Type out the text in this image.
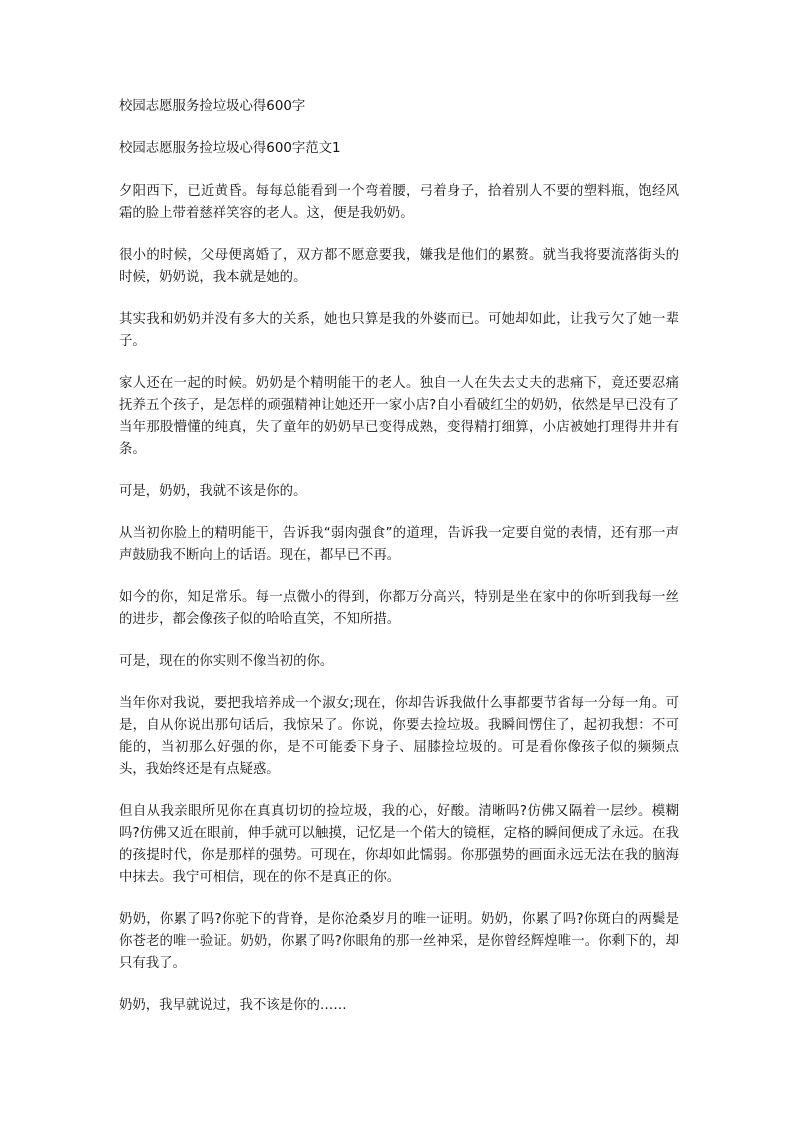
校园志愿服务捡垃圾心得600字

校园志愿服务捡垃圾心得600字范文1

夕阳西下，已近黄昏。每每总能看到一个弯着腰，弓着身子，拾着别人不要的塑料瓶，饱经风霜的脸上带着慈祥笑容的老人。这，便是我奶奶。

很小的时候，父母便离婚了，双方都不愿意要我，嫌我是他们的累赘。就当我将要流落街头的时候，奶奶说，我本就是她的。

其实我和奶奶并没有多大的关系，她也只算是我的外婆而已。可她却如此，让我亏欠了她一辈子。

家人还在一起的时候。奶奶是个精明能干的老人。独自一人在失去丈夫的悲痛下，竟还要忍痛抚养五个孩子，是怎样的顽强精神让她还开一家小店?自小看破红尘的奶奶，依然是早已没有了当年那股懵懂的纯真，失了童年的奶奶早已变得成熟，变得精打细算，小店被她打理得井井有条。

可是，奶奶，我就不该是你的。

从当初你脸上的精明能干，告诉我“弱肉强食”的道理，告诉我一定要自觉的表情，还有那一声声鼓励我不断向上的话语。现在，都早已不再。

如今的你，知足常乐。每一点微小的得到，你都万分高兴，特别是坐在家中的你听到我每一丝的进步，都会像孩子似的哈哈直笑，不知所措。

可是，现在的你实则不像当初的你。

当年你对我说，要把我培养成一个淑女;现在，你却告诉我做什么事都要节省每一分每一角。可是，自从你说出那句话后，我惊呆了。你说，你要去捡垃圾。我瞬间愣住了，起初我想：不可能的，当初那么好强的你，是不可能委下身子、屈膝捡垃圾的。可是看你像孩子似的频频点头，我始终还是有点疑惑。

但自从我亲眼所见你在真真切切的捡垃圾，我的心，好酸。清晰吗?仿佛又隔着一层纱。模糊吗?仿佛又近在眼前，伸手就可以触摸，记忆是一个偌大的镜框，定格的瞬间便成了永远。在我的孩提时代，你是那样的强势。可现在，你却如此懦弱。你那强势的画面永远无法在我的脑海中抹去。我宁可相信，现在的你不是真正的你。

奶奶，你累了吗?你驼下的背脊，是你沧桑岁月的唯一证明。奶奶，你累了吗?你斑白的两鬓是你苍老的唯一验证。奶奶，你累了吗?你眼角的那一丝神采，是你曾经辉煌唯一。你剩下的，却只有我了。

奶奶，我早就说过，我不该是你的……
